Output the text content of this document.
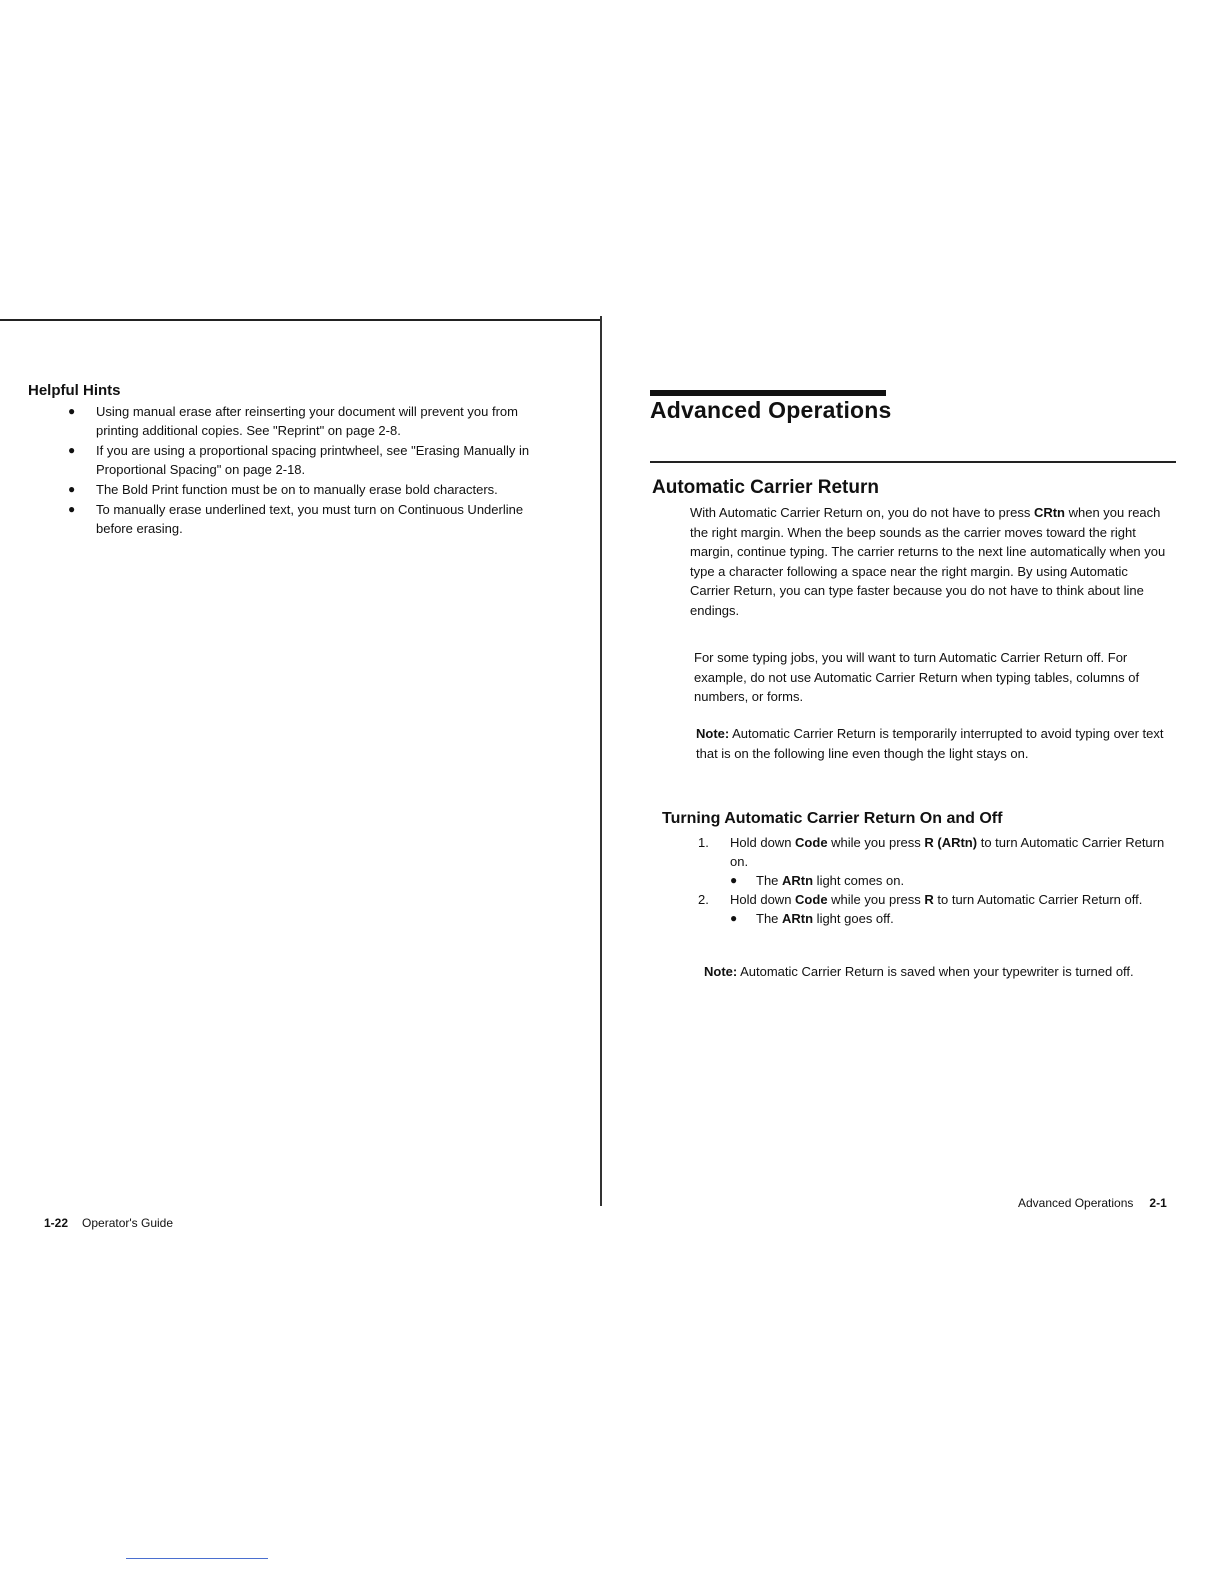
Helpful Hints
● Using manual erase after reinserting your document will prevent you from printing additional copies. See "Reprint" on page 2-8.
● If you are using a proportional spacing printwheel, see "Erasing Manually in Proportional Spacing" on page 2-18.
● The Bold Print function must be on to manually erase bold characters.
● To manually erase underlined text, you must turn on Continuous Underline before erasing.
1-22 Operator's Guide
Advanced Operations
Automatic Carrier Return

With Automatic Carrier Return on, you do not have to press CRtn when you reach the right margin. When the beep sounds as the carrier moves toward the right margin, continue typing. The carrier returns to the next line automatically when you type a character following a space near the right margin. By using Automatic Carrier Return, you can type faster because you do not have to think about line endings.

For some typing jobs, you will want to turn Automatic Carrier Return off. For example, do not use Automatic Carrier Return when typing tables, columns of numbers, or forms.

Note: Automatic Carrier Return is temporarily interrupted to avoid typing over text that is on the following line even though the light stays on.

Turning Automatic Carrier Return On and Off
1. Hold down Code while you press R (ARtn) to turn Automatic Carrier Return on.
● The ARtn light comes on.
2. Hold down Code while you press R to turn Automatic Carrier Return off.
● The ARtn light goes off.

Note: Automatic Carrier Return is saved when your typewriter is turned off.

Advanced Operations 2-1
